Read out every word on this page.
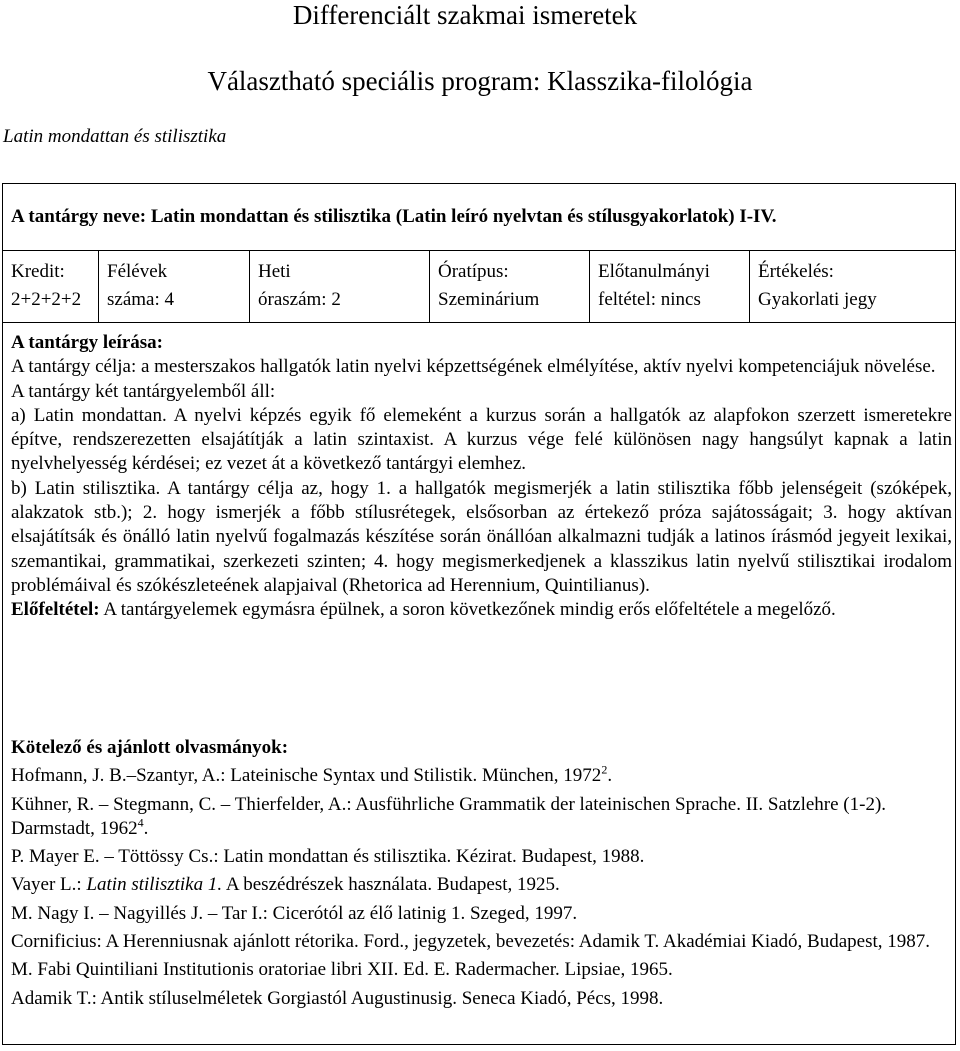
Differenciált szakmai ismeretek
Választható speciális program: Klasszika-filológia
Latin mondattan és stilisztika
A tantárgy neve: Latin mondattan és stilisztika (Latin leíró nyelvtan és stílusgyakorlatok) I-IV.
Kredit:
2+2+2+2
Félévek
száma: 4
Heti
óraszám: 2
Óratípus:
Szeminárium
Előtanulmányi
feltétel: nincs
Értékelés:
Gyakorlati jegy

A tantárgy leírása:

A tantárgy célja: a mesterszakos hallgatók latin nyelvi képzettségének elmélyítése, aktív nyelvi kompetenciájuk növelése.

A tantárgy két tantárgyelemből áll:

a) Latin mondattan. A nyelvi képzés egyik fő elemeként a kurzus során a hallgatók az alapfokon szerzett ismeretekre építve, rendszerezetten elsajátítják a latin szintaxist. A kurzus vége felé különösen nagy hangsúlyt kapnak a latin nyelvhelyesség kérdései; ez vezet át a következő tantárgyi elemhez.

b) Latin stilisztika. A tantárgy célja az, hogy 1. a hallgatók megismerjék a latin stilisztika főbb jelenségeit (szóképek, alakzatok stb.); 2. hogy ismerjék a főbb stílusrétegek, elsősorban az értekező próza sajátosságait; 3. hogy aktívan elsajátítsák és önálló latin nyelvű fogalmazás készítése során önállóan alkalmazni tudják a latinos írásmód jegyeit lexikai, szemantikai, grammatikai, szerkezeti szinten; 4. hogy megismerkedjenek a klasszikus latin nyelvű stilisztikai irodalom problémáival és szókészleteének alapjaival (Rhetorica ad Herennium, Quintilianus).

Előfeltétel: A tantárgyelemek egymásra épülnek, a soron következőnek mindig erős előfeltétele a megelőző.

Kötelező és ajánlott olvasmányok:

Hofmann, J. B.–Szantyr, A.: Lateinische Syntax und Stilistik. München, 1972$^2$.

Kühner, R. – Stegmann, C. – Thierfelder, A.: Ausführliche Grammatik der lateinischen Sprache. II. Satzlehre (1-2). Darmstadt, 1962$^4$.

P. Mayer E. – Töttössy Cs.: Latin mondattan és stilisztika. Kézirat. Budapest, 1988.

Vayer L.: Latin stilisztika 1. A beszédrészek használata. Budapest, 1925.

M. Nagy I. – Nagyillés J. – Tar I.: Cicerótól az élő latinig 1. Szeged, 1997.

Cornificius: A Herenniusnak ajánlott rétorika. Ford., jegyzetek, bevezetés: Adamik T. Akadémiai Kiadó, Budapest, 1987.

M. Fabi Quintiliani Institutionis oratoriae libri XII. Ed. E. Radermacher. Lipsiae, 1965.

Adamik T.: Antik stíluselméletek Gorgiastól Augustinusig. Seneca Kiadó, Pécs, 1998.
